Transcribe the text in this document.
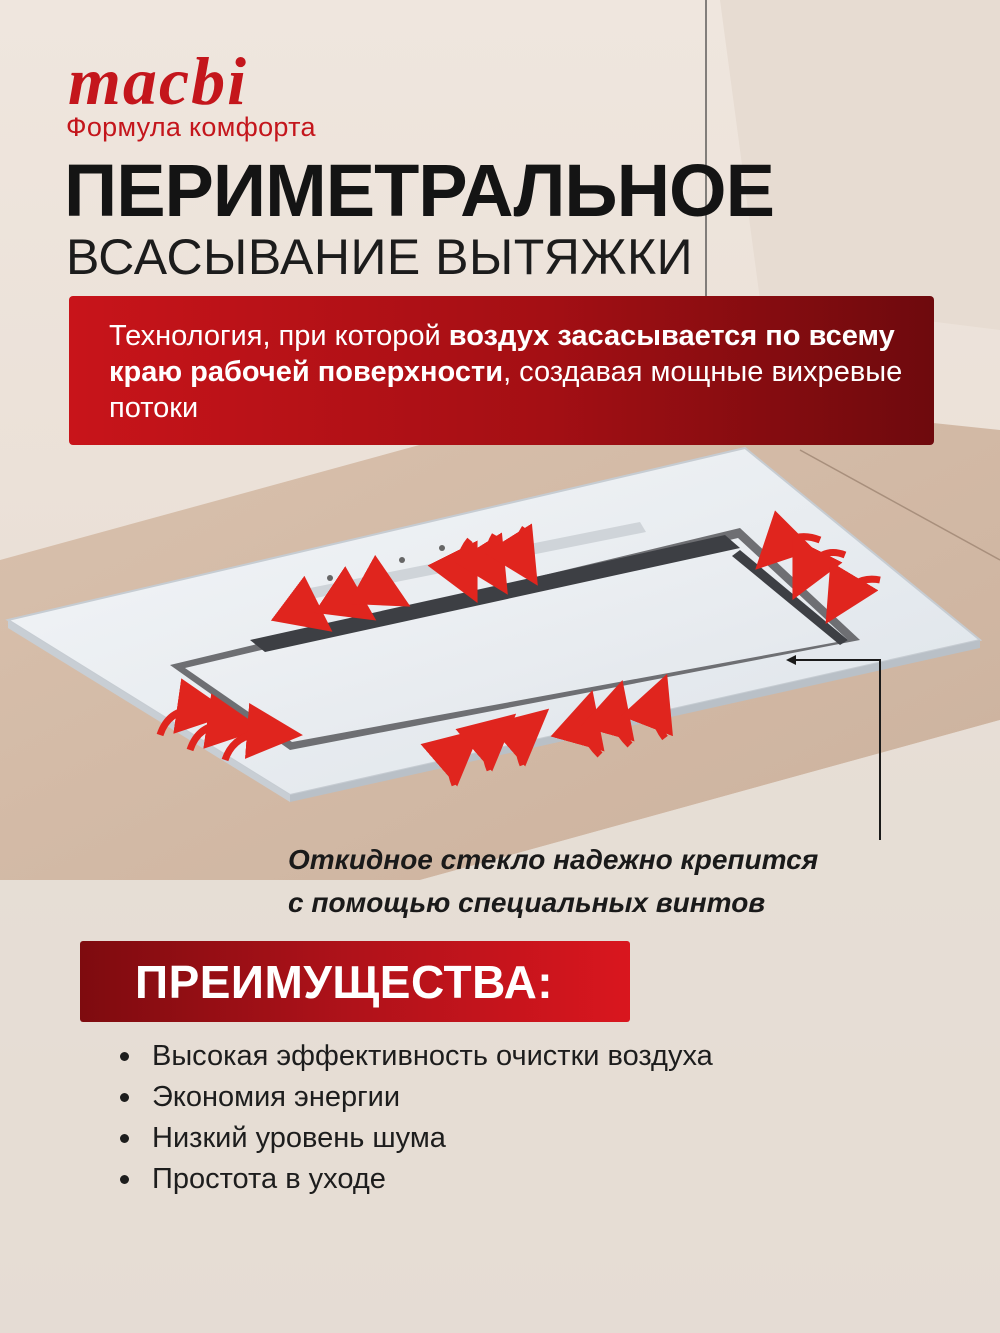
macbi
Формула комфорта
ПЕРИМЕТРАЛЬНОЕ
ВСАСЫВАНИЕ ВЫТЯЖКИ
Технология, при которой воздух засасывается по всему краю рабочей поверхности, создавая мощные вихревые потоки
Откидное стекло надежно крепится
с помощью специальных винтов
ПРЕИМУЩЕСТВА:
Высокая эффективность очистки воздуха
Экономия энергии
Низкий уровень шума
Простота в уходе
